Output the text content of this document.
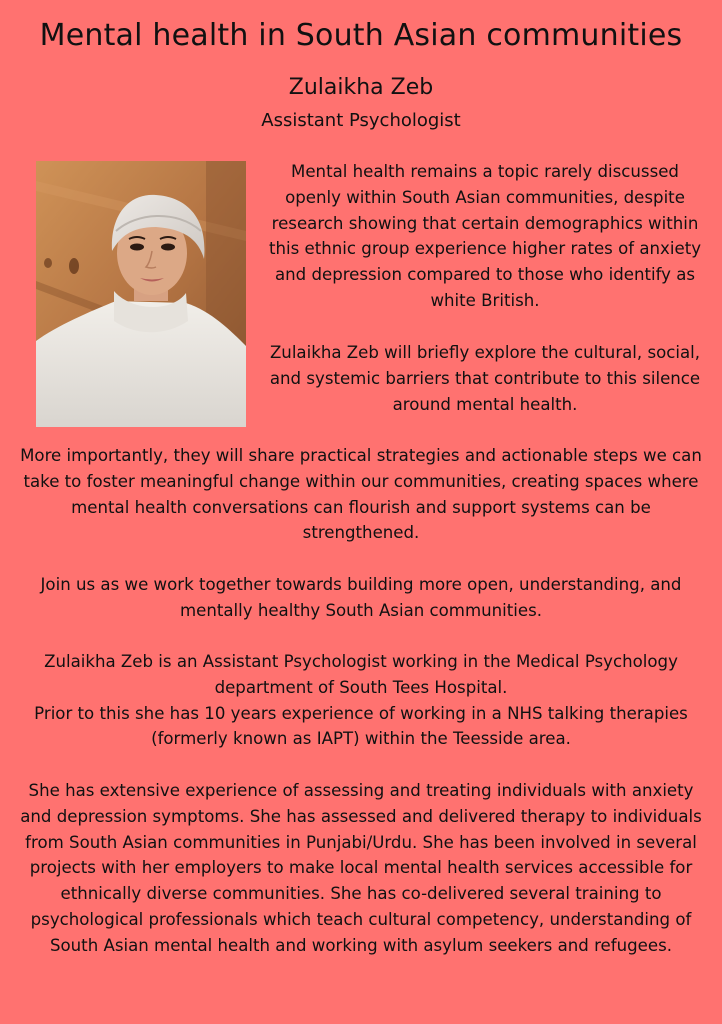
Mental health in South Asian communities
Zulaikha Zeb
Assistant Psychologist

Mental health remains a topic rarely discussed openly within South Asian communities, despite research showing that certain demographics within this ethnic group experience higher rates of anxiety and depression compared to those who identify as white British.

Zulaikha Zeb will briefly explore the cultural, social, and systemic barriers that contribute to this silence around mental health.

More importantly, they will share practical strategies and actionable steps we can take to foster meaningful change within our communities, creating spaces where mental health conversations can flourish and support systems can be strengthened.

Join us as we work together towards building more open, understanding, and mentally healthy South Asian communities.

Zulaikha Zeb is an Assistant Psychologist working in the Medical Psychology department of South Tees Hospital.
Prior to this she has 10 years experience of working in a NHS talking therapies (formerly known as IAPT) within the Teesside area.

She has extensive experience of assessing and treating individuals with anxiety and depression symptoms. She has assessed and delivered therapy to individuals from South Asian communities in Punjabi/Urdu. She has been involved in several projects with her employers to make local mental health services accessible for ethnically diverse communities. She has co-delivered several training to psychological professionals which teach cultural competency, understanding of South Asian mental health and working with asylum seekers and refugees.
